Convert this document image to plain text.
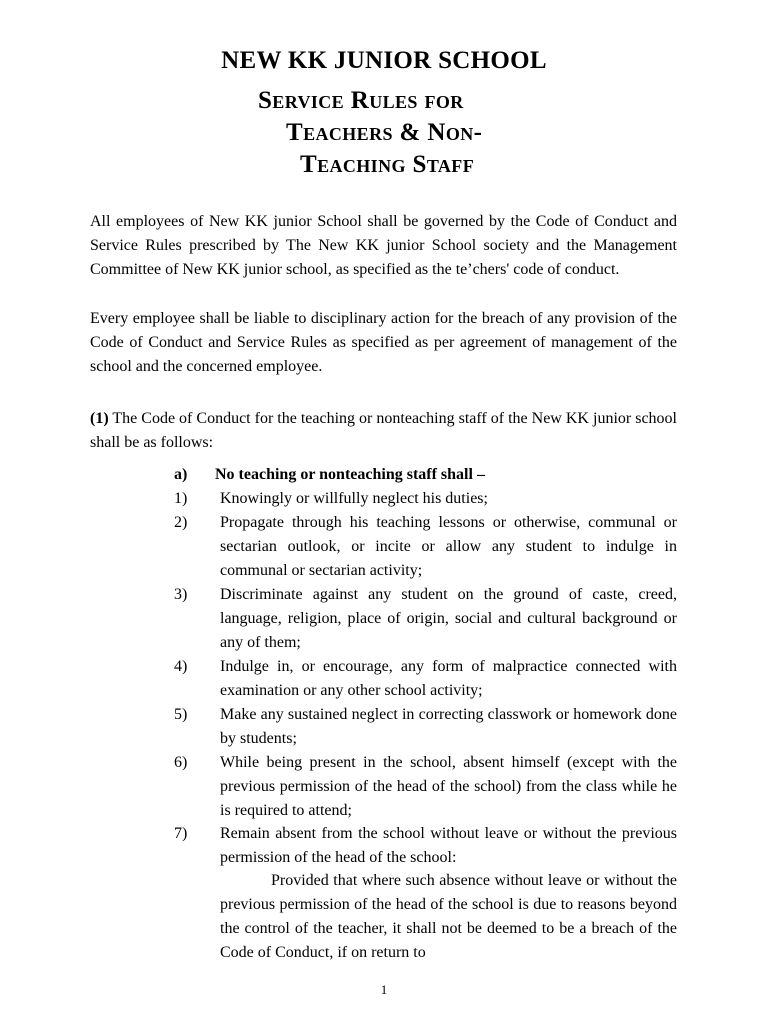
NEW KK JUNIOR SCHOOL
Service Rules for
Teachers & Non-
Teaching Staff

All employees of New KK junior School shall be governed by the Code of Conduct and Service Rules prescribed by The New KK junior School society and the Management Committee of New KK junior school, as specified as the te’chers' code of conduct.

Every employee shall be liable to disciplinary action for the breach of any provision of the Code of Conduct and Service Rules as specified as per agreement of management of the school and the concerned employee.

(1) The Code of Conduct for the teaching or nonteaching staff of the New KK junior school shall be as follows:

a) No teaching or nonteaching staff shall –
1)	Knowingly or willfully neglect his duties;
2)	Propagate through his teaching lessons or otherwise, communal or sectarian outlook, or incite or allow any student to indulge in communal or sectarian activity;
3)	Discriminate against any student on the ground of caste, creed, language, religion, place of origin, social and cultural background or any of them;
4)	Indulge in, or encourage, any form of malpractice connected with examination or any other school activity;
5)	Make any sustained neglect in correcting classwork or homework done by students;
6)	While being present in the school, absent himself (except with the previous permission of the head of the school) from the class while he is required to attend;
7)	Remain absent from the school without leave or without the previous permission of the head of the school:
Provided that where such absence without leave or without the previous permission of the head of the school is due to reasons beyond the control of the teacher, it shall not be deemed to be a breach of the Code of Conduct, if on return to
1
